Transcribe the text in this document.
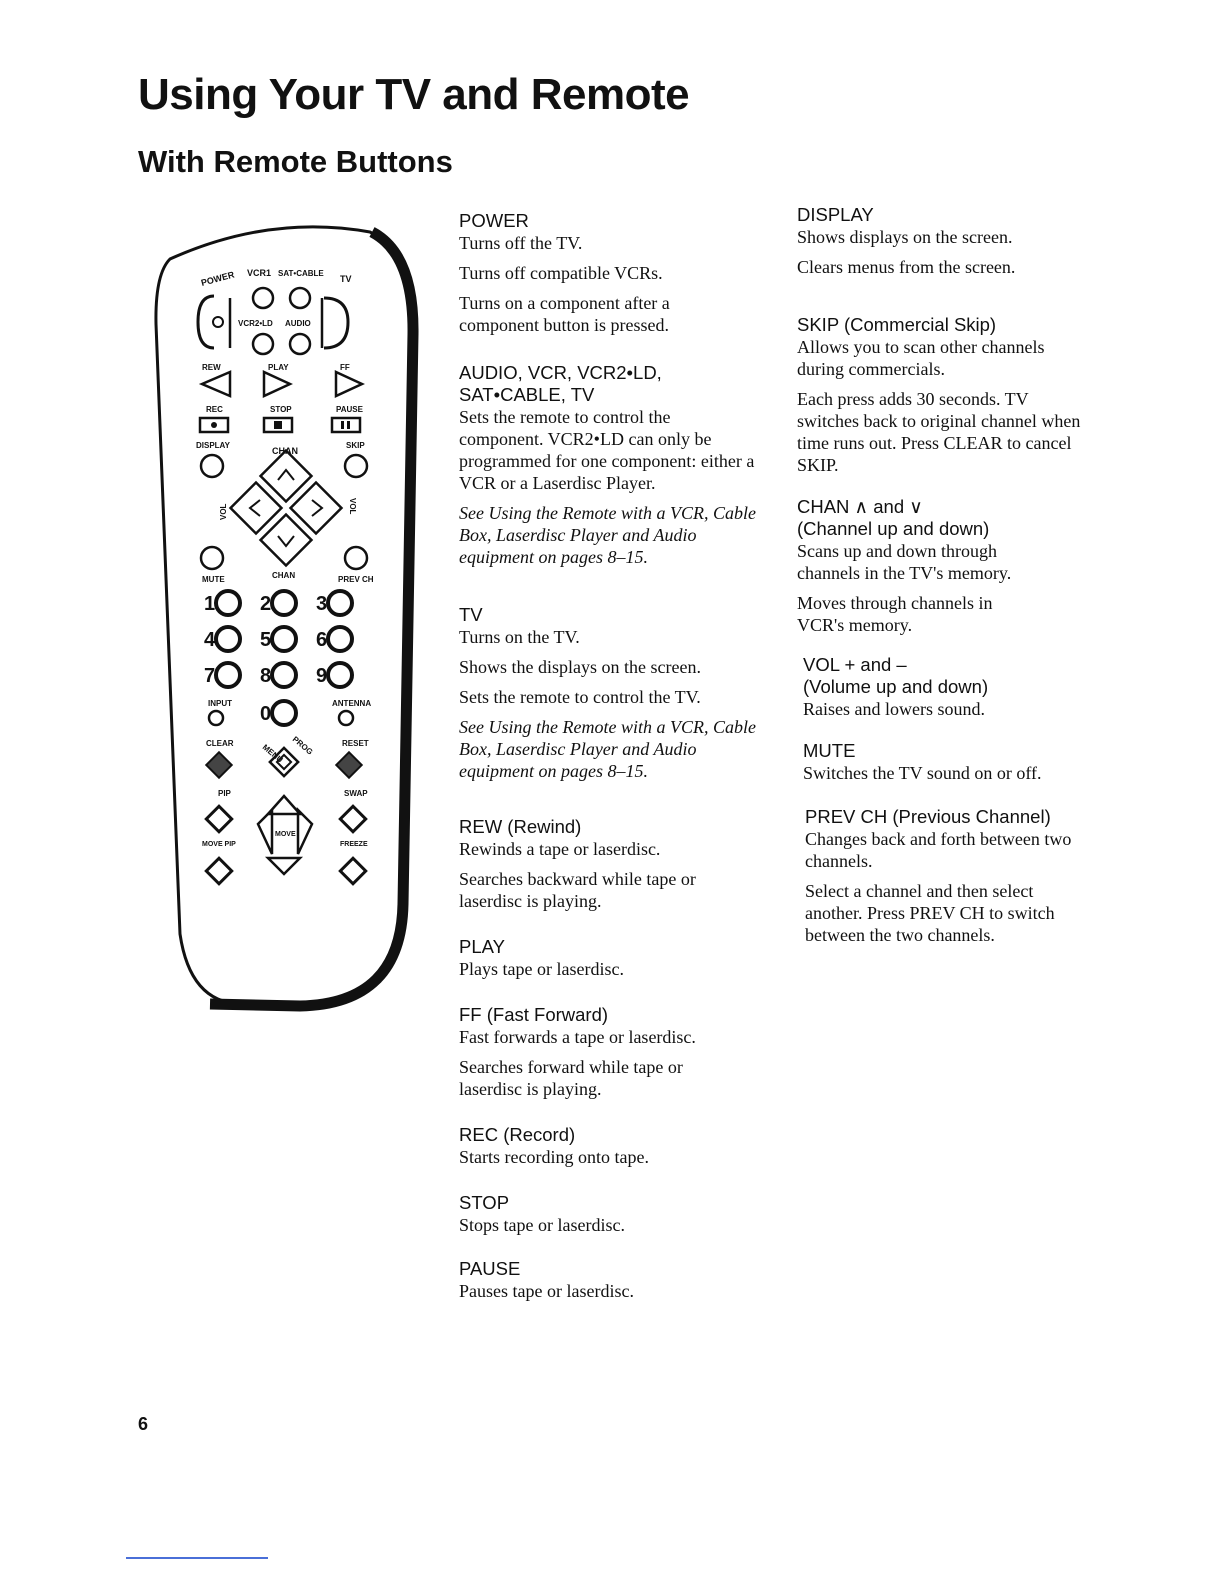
Using Your TV and Remote
With Remote Buttons
POWER VCR1 SAT•CABLE
TV
VCR2•LD AUDIO
REW	PLAY	FF
REC	STOP	PAUSE
DISPLAY	SKIP
CHAN
VOL	VOL
MUTE	CHAN	PREV CH
1 2 3
4 5 6
7 8 9
0
INPUT	ANTENNA
CLEAR	RESET
MENU PROG
PIP	SWAP
MOVE
MOVE PIP	FREEZE
POWER
Turns off the TV.
Turns off compatible VCRs.
Turns on a component after a component button is pressed.
AUDIO, VCR, VCR2•LD,
SAT•CABLE, TV
Sets the remote to control the component. VCR2•LD can only be programmed for one component: either a VCR or a Laserdisc Player.
See Using the Remote with a VCR, Cable Box, Laserdisc Player and Audio equipment on pages 8–15.
TV
Turns on the TV.
Shows the displays on the screen.
Sets the remote to control the TV.
See Using the Remote with a VCR, Cable Box, Laserdisc Player and Audio equipment on pages 8–15.
REW (Rewind)
Rewinds a tape or laserdisc.
Searches backward while tape or laserdisc is playing.
PLAY
Plays tape or laserdisc.
FF (Fast Forward)
Fast forwards a tape or laserdisc.
Searches forward while tape or laserdisc is playing.
REC (Record)
Starts recording onto tape.
STOP
Stops tape or laserdisc.
PAUSE
Pauses tape or laserdisc.
DISPLAY
Shows displays on the screen.
Clears menus from the screen.
SKIP (Commercial Skip)
Allows you to scan other channels during commercials.
Each press adds 30 seconds. TV switches back to original channel when time runs out. Press CLEAR to cancel SKIP.
CHAN ∧ and ∨
(Channel up and down)
Scans up and down through channels in the TV's memory.
Moves through channels in VCR's memory.
VOL + and –
(Volume up and down)
Raises and lowers sound.
MUTE
Switches the TV sound on or off.
PREV CH (Previous Channel)
Changes back and forth between two channels.
Select a channel and then select another. Press PREV CH to switch between the two channels.
6
